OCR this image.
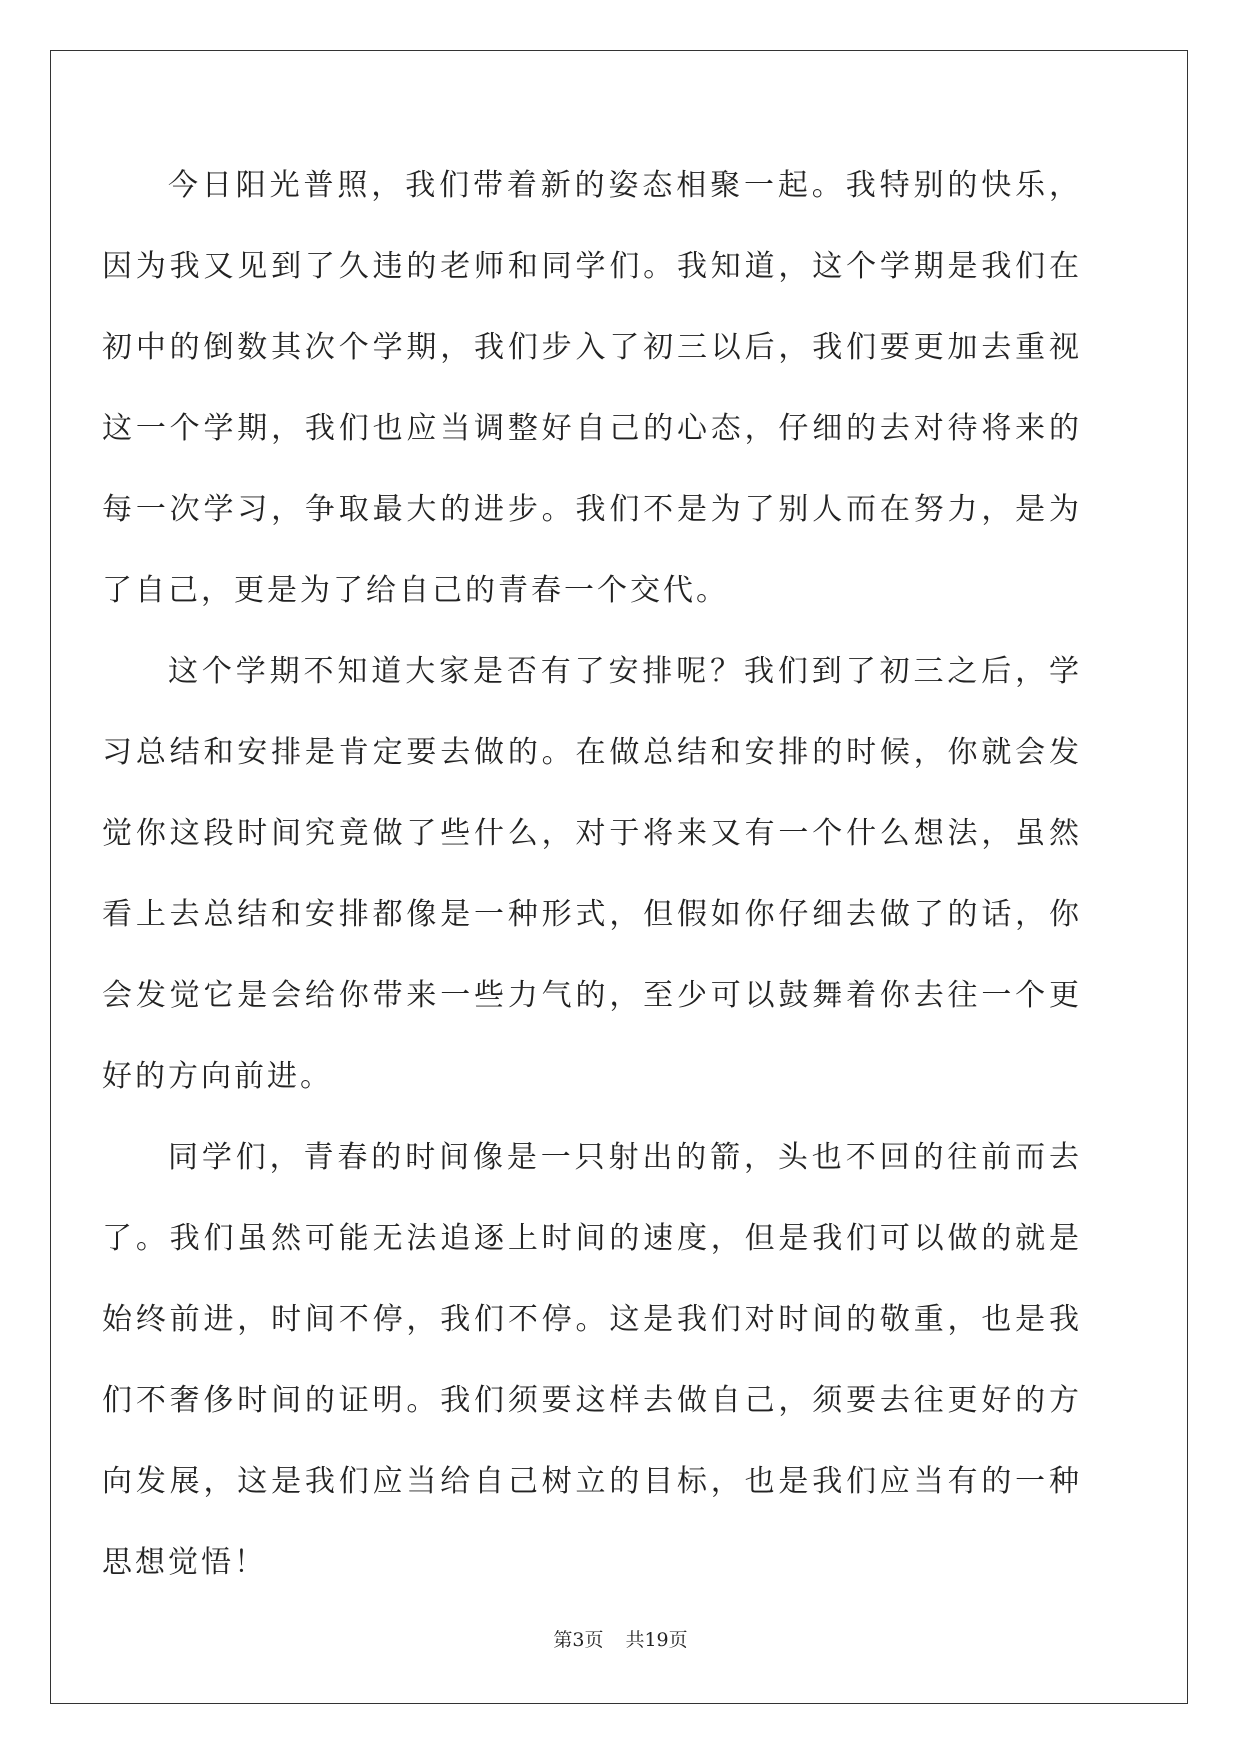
今日阳光普照，我们带着新的姿态相聚一起。我特别的快乐，因为我又见到了久违的老师和同学们。我知道，这个学期是我们在初中的倒数其次个学期，我们步入了初三以后，我们要更加去重视这一个学期，我们也应当调整好自己的心态，仔细的去对待将来的每一次学习，争取最大的进步。我们不是为了别人而在努力，是为了自己，更是为了给自己的青春一个交代。

这个学期不知道大家是否有了安排呢？我们到了初三之后，学习总结和安排是肯定要去做的。在做总结和安排的时候，你就会发觉你这段时间究竟做了些什么，对于将来又有一个什么想法，虽然看上去总结和安排都像是一种形式，但假如你仔细去做了的话，你会发觉它是会给你带来一些力气的，至少可以鼓舞着你去往一个更好的方向前进。

同学们，青春的时间像是一只射出的箭，头也不回的往前而去了。我们虽然可能无法追逐上时间的速度，但是我们可以做的就是始终前进，时间不停，我们不停。这是我们对时间的敬重，也是我们不奢侈时间的证明。我们须要这样去做自己，须要去往更好的方向发展，这是我们应当给自己树立的目标，也是我们应当有的一种思想觉悟！

第3页 共19页
